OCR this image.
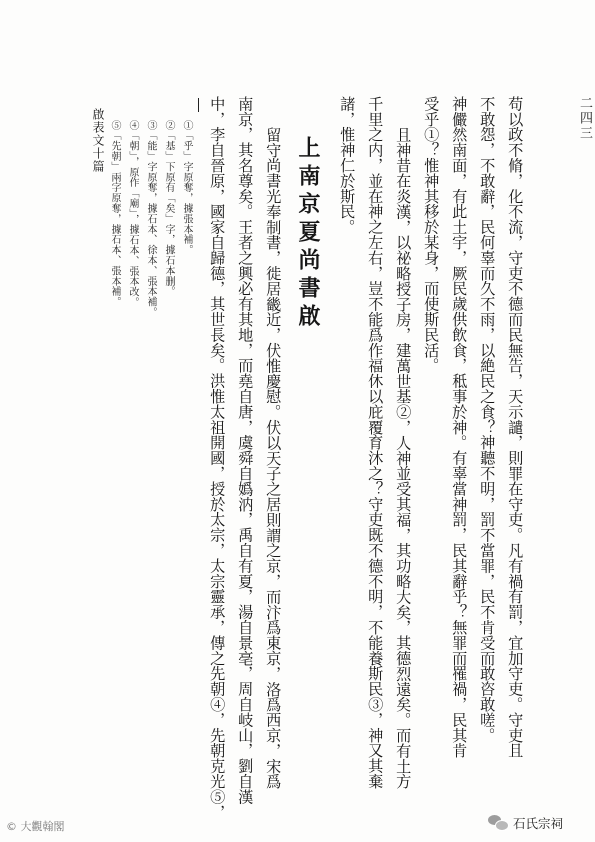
二四三
苟以政不脩，化不流，守吏不德而民無告，天示譴，則罪在守吏。凡有禍有罰，宜加守吏。守吏且
不敢怨，不敢辭，民何辜而久不雨，以絶民之食？神聽不明，罰不當罪，民不肯受而敢咨敢嗟。
神儼然南面，有此土宇，厥民歲供飲食，秪事於神。有辜當神罰，民其辭乎？無罪而罹禍，民其肯
受乎①？惟神其移於某身，而使斯民活。
且神昔在炎漢，以祕略授子房，建萬世基②，人神並受其福，其功略大矣，其德烈遠矣。而有土方
千里之内，並在神之左右，豈不能爲作福休以庇覆育沐之？守吏既不德不明，不能養斯民③，神又其棄
諸，惟神仁於斯民。
上南京夏尚書啟
留守尚書光奉制書，徙居畿近，伏惟慶慰。伏以天子之居則謂之京，而汴爲東京，洛爲西京，宋爲
南京，其名尊矣。王者之興必有其地，而堯自唐，虞舜自嬀汭，禹自有夏，湯自景亳，周自岐山，劉自漢
中，李自晉原，國家自歸德，其世長矣。洪惟太祖開國，授於太宗，太宗靈承，傳之先朝④，先朝克光⑤，
①「乎」字原奪，據張本補。
②「基」下原有「矣」字，據石本删。
③「能」字原奪，據石本、徐本、張本補。
④「朝」，原作「廟」，據石本、張本改。
⑤「先朝」兩字原奪，據石本、張本補。
啟表文十篇
© 大觀翰閣	石氏宗祠
